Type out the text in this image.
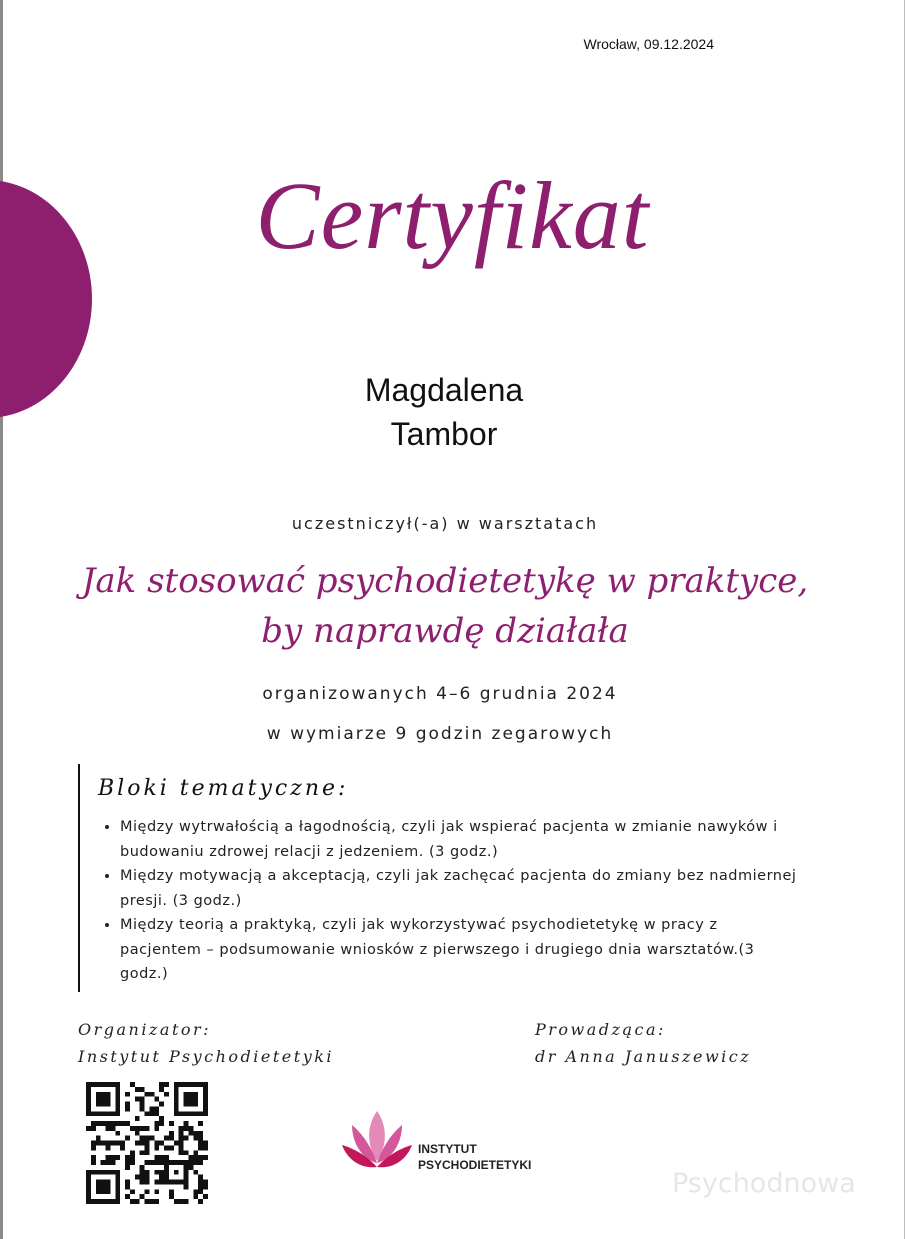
Wrocław, 09.12.2024
Certyfikat
Magdalena
Tambor
uczestniczył(-a) w warsztatach
Jak stosować psychodietetykę w praktyce,
by naprawdę działała
organizowanych 4–6 grudnia 2024
w wymiarze 9 godzin zegarowych
Bloki tematyczne:
• Między wytrwałością a łagodnością, czyli jak wspierać pacjenta w zmianie nawyków i budowaniu zdrowej relacji z jedzeniem. (3 godz.)
• Między motywacją a akceptacją, czyli jak zachęcać pacjenta do zmiany bez nadmiernej presji. (3 godz.)
• Między teorią a praktyką, czyli jak wykorzystywać psychodietetykę w pracy z pacjentem – podsumowanie wniosków z pierwszego i drugiego dnia warsztatów.(3 godz.)
Organizator:
Instytut Psychodietetyki
Prowadząca:
dr Anna Januszewicz
INSTYTUT
PSYCHODIETETYKI
Psychodnowa
